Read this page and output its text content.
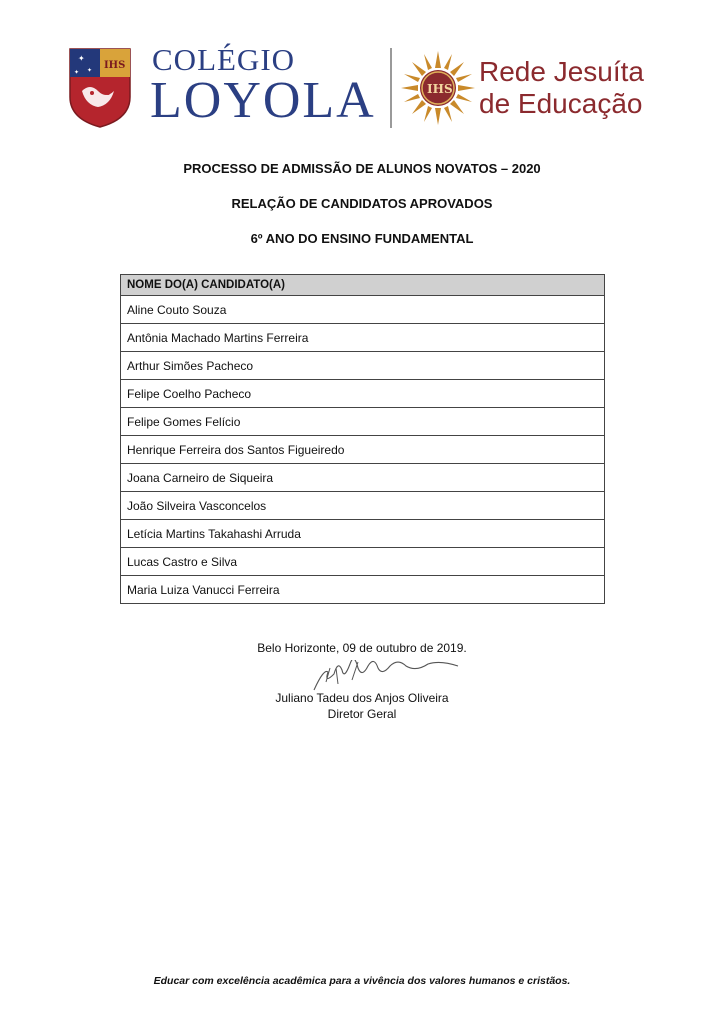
✦
✦
✦
IHS COLÉGIO
LOYOLA	IHS
Rede Jesuíta
de Educação
PROCESSO DE ADMISSÃO DE ALUNOS NOVATOS – 2020
RELAÇÃO DE CANDIDATOS APROVADOS
6º ANO DO ENSINO FUNDAMENTAL
NOME DO(A) CANDIDATO(A)
Aline Couto Souza
Antônia Machado Martins Ferreira
Arthur Simões Pacheco
Felipe Coelho Pacheco
Felipe Gomes Felício
Henrique Ferreira dos Santos Figueiredo
Joana Carneiro de Siqueira
João Silveira Vasconcelos
Letícia Martins Takahashi Arruda
Lucas Castro e Silva
Maria Luiza Vanucci Ferreira
Belo Horizonte, 09 de outubro de 2019.
Juliano Tadeu dos Anjos Oliveira
Diretor Geral
Educar com excelência acadêmica para a vivência dos valores humanos e cristãos.
